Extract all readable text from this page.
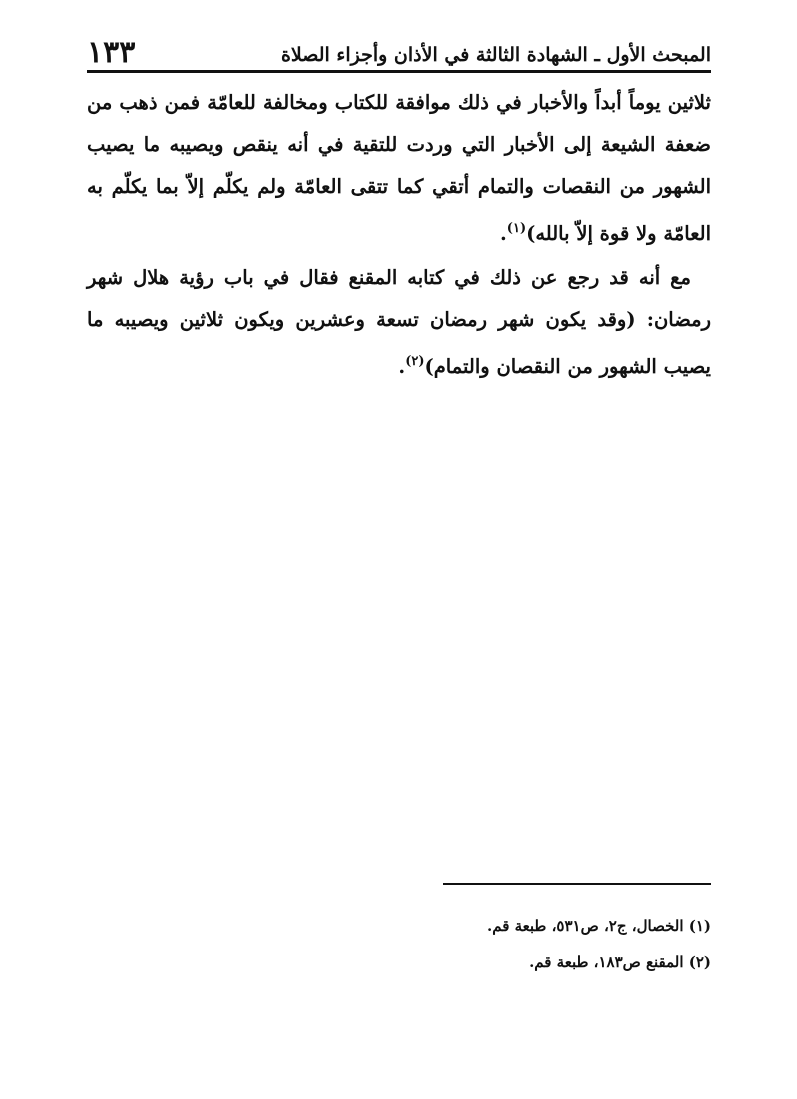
المبحث الأول ـ الشهادة الثالثة في الأذان وأجزاء الصلاة
١٣٣

ثلاثين يوماً أبداً والأخبار في ذلك موافقة للكتاب ومخالفة للعامّة فمن ذهب من ضعفة الشيعة إلى الأخبار التي وردت للتقية في أنه ينقص ويصيبه ما يصيب الشهور من النقصات والتمام أتقي كما تتقى العامّة ولم يكلّم إلاّ بما يكلّم به العامّة ولا قوة إلاّ بالله)$^{(١)}$.

مع أنه قد رجع عن ذلك في كتابه المقنع فقال في باب رؤية هلال شهر رمضان: (وقد يكون شهر رمضان تسعة وعشرين ويكون ثلاثين ويصيبه ما يصيب الشهور من النقصان والتمام)$^{(٢)}$.

(١) الخصال، ج٢، ص٥٣١، طبعة قم.

(٢) المقنع ص١٨٣، طبعة قم.
